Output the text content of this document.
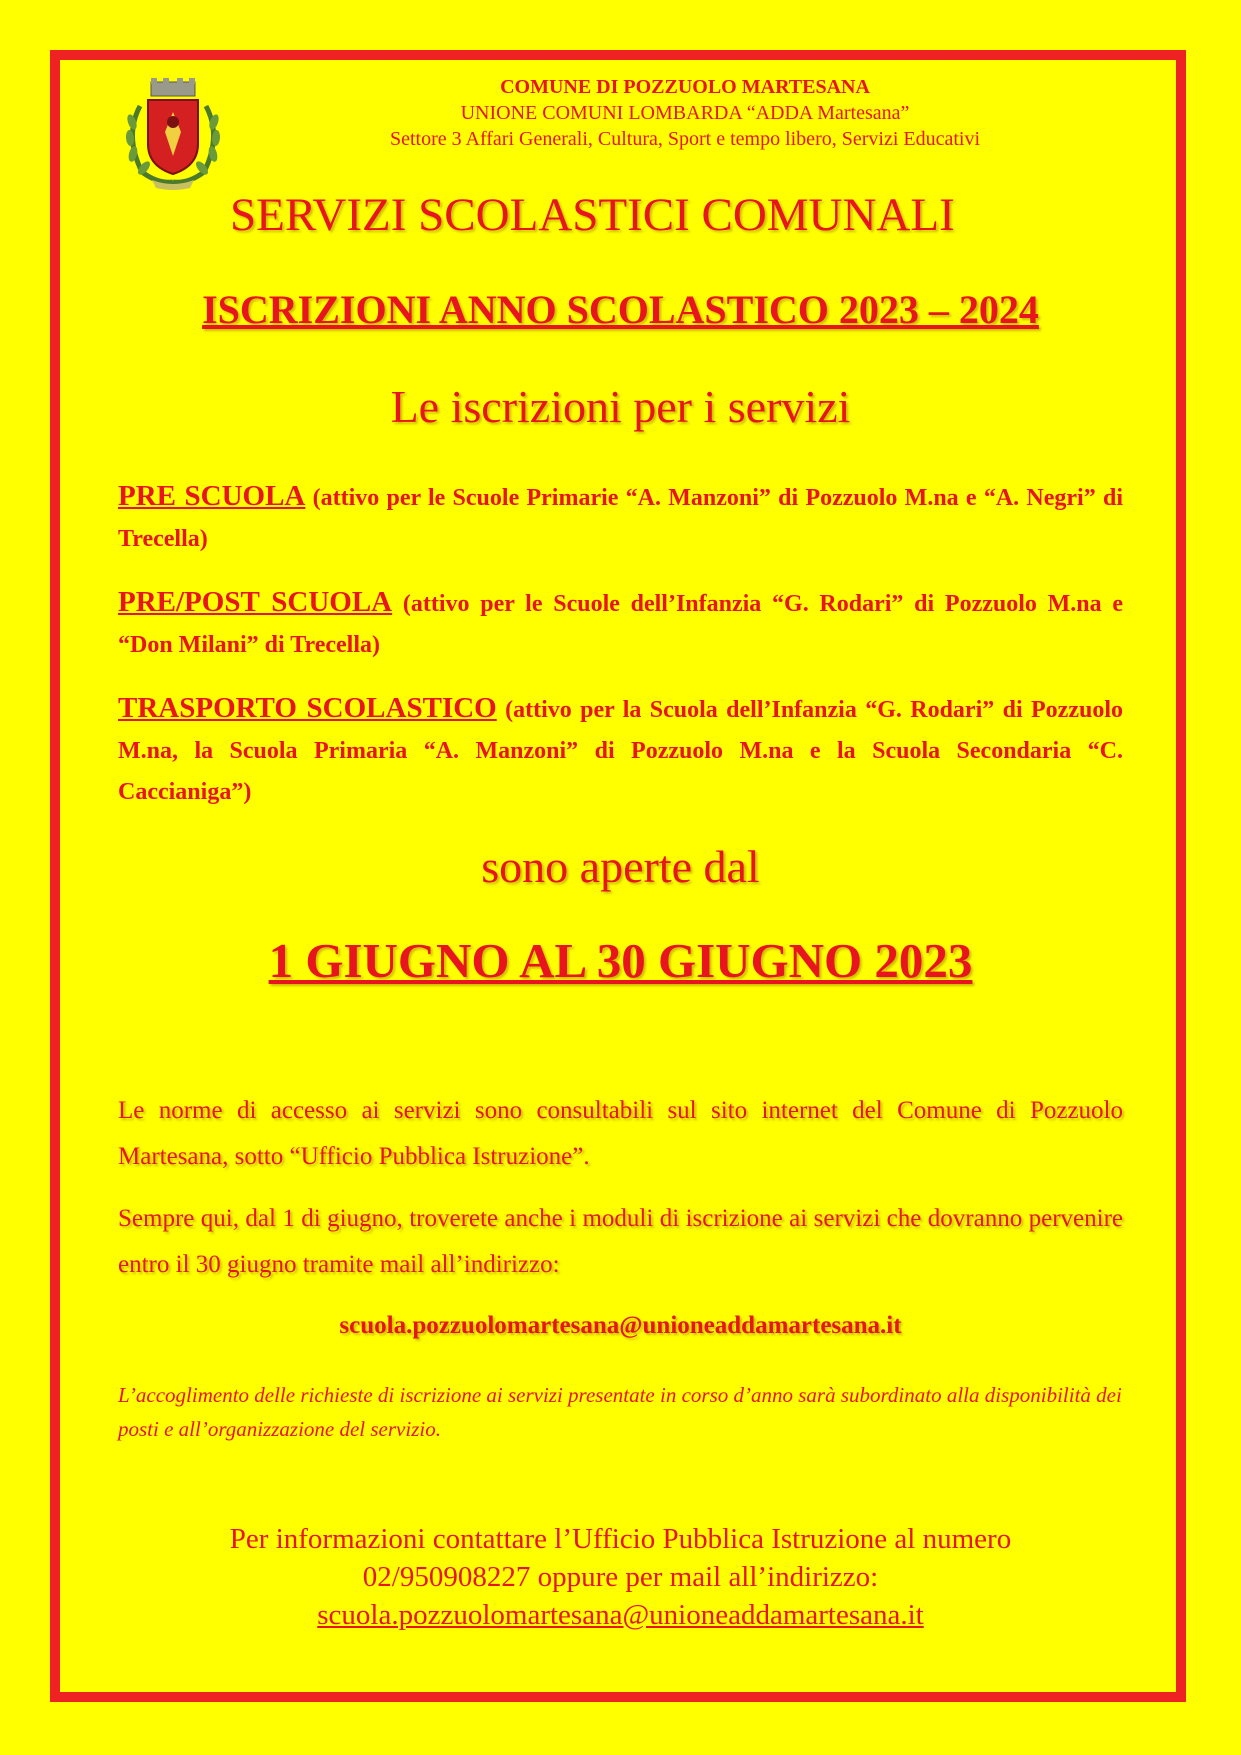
COMUNE DI POZZUOLO MARTESANA
UNIONE COMUNI LOMBARDA “ADDA Martesana”
Settore 3 Affari Generali, Cultura, Sport e tempo libero, Servizi Educativi
SERVIZI SCOLASTICI COMUNALI
ISCRIZIONI ANNO SCOLASTICO 2023 – 2024
Le iscrizioni per i servizi
PRE SCUOLA (attivo per le Scuole Primarie “A. Manzoni” di Pozzuolo M.na e “A. Negri” di Trecella)
PRE/POST SCUOLA (attivo per le Scuole dell’Infanzia “G. Rodari” di Pozzuolo M.na e “Don Milani” di Trecella)
TRASPORTO SCOLASTICO (attivo per la Scuola dell’Infanzia “G. Rodari” di Pozzuolo M.na, la Scuola Primaria “A. Manzoni” di Pozzuolo M.na e la Scuola Secondaria “C. Caccianiga”)
sono aperte dal
1 GIUGNO AL 30 GIUGNO 2023
Le norme di accesso ai servizi sono consultabili sul sito internet del Comune di Pozzuolo Martesana, sotto “Ufficio Pubblica Istruzione”.
Sempre qui, dal 1 di giugno, troverete anche i moduli di iscrizione ai servizi che dovranno pervenire entro il 30 giugno tramite mail all’indirizzo:
scuola.pozzuolomartesana@unioneaddamartesana.it
L’accoglimento delle richieste di iscrizione ai servizi presentate in corso d’anno sarà subordinato alla disponibilità dei posti e all’organizzazione del servizio.
Per informazioni contattare l’Ufficio Pubblica Istruzione al numero
02/950908227 oppure per mail all’indirizzo:
scuola.pozzuolomartesana@unioneaddamartesana.it
